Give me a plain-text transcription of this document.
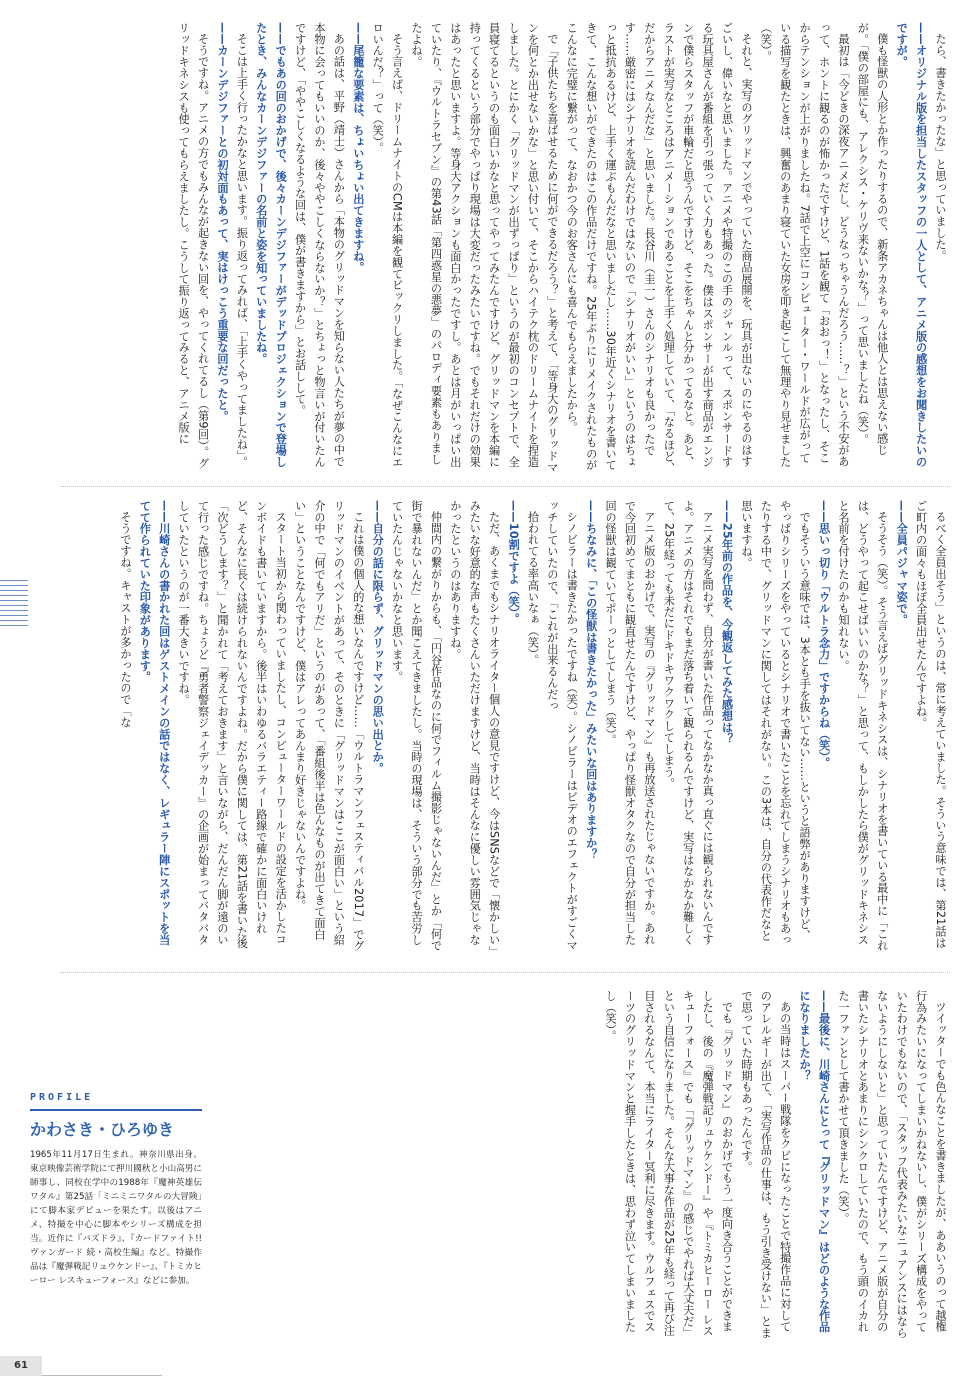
たら、書きたかったな」と思っていました。

—— オリジナル版を担当したスタッフの一人として、アニメ版の感想をお聞きしたいのですが。

僕も怪獣の人形とか作ったりするので、新条アカネちゃんは他人とは思えない感じが。「僕の部屋にも、アレクシス・ケリヴ来ないかな？」って思いましたね（笑）。

最初は「今どきの深夜アニメだし、どうなっちゃうんだろう……？」という不安があって、ホントに観るのが怖かったですけど、1話を観て「おおっ！」となったし、そこからテンションが上がりましたね。7話で上空にコンピューター・ワールドが広がっている描写を観たときは、興奮のあまり寝ていた女房を叩き起こして無理やり見せました（笑）。

それと、実写のグリッドマンでやっていた商品展開を、玩具が出ないのにやるのはすごいし、偉いなと思いました。アニメや特撮のこの手のジャンルって、スポンサードする玩具屋さんが番組を引っ張っていく力もあった。僕はスポンサーが出す商品がエンジンで僕らスタッフが車輪だと思うんですけど、そこをちゃんと分かってるなと。あと、ラストが実写なところはアニメーションであることを上手く処理していて、「なるほど、だからアニメなんだな」と思いました。長谷川（圭一）さんのシナリオも良かったです……厳密にはシナリオを読んだわけではないので「シナリオがいい」というのはちょっと抵抗あるけど、上手く運ぶもんだなと思いましたし……30年近くシナリオを書いてきて、こんな想いができたのはこの作品だけですね。25年ぶりにリメイクされたものがこんなに完璧に繋がって、なおかつ今のお客さんにも喜んでもらえましたから。

で「子供たちを喜ばせるために何ができるだろう？」と考えて、「等身大のグリッドマンを何とか出せないかな」と思い付いて、そこからハイテク枕のドリームナイトを捏造しました。とにかく「グリッドマンが出ずっぱり」というのが最初のコンセプトで、全員寝てるというのも面白いかなと思ってやってみたんですけど、グリッドマンを本編に持ってくるという部分でやっぱり現場は大変だったみたいですね。でもそれだけの効果はあったと思いますよ。等身大アクションも面白かったですし。あとは月がいっぱい出ていたり、『ウルトラセブン』の第43話「第四惑星の悪夢」のパロディ要素もありましたよね。

そう言えば、ドリームナイトのCMは本編を観てビックリしました。「なぜこんなにエロいんだ？」って（笑）。

—— 尾籠な要素は、ちょいちょい出てきますね。

あの話は、平野（靖士）さんから「本物のグリッドマンを知らない人たちが夢の中で本物に会ってもいいのか、後々ややこしくならないか？」とちょっと物言いが付いたんですけど、「ややこしくなるような回は、僕が書きますから」とお話しして。

—— でもあの回のおかげで、後々カーンデジファーがデッドプロジェクションで登場したとき、みんなカーンデジファーの名前と姿を知っていましたね。

そこは上手く行ったかなと思います。振り返ってみれば、「上手くやってましたね」。

—— カーンデジファーとの初対面もあって、実はけっこう重要な回だったと。

そうですね。アニメの方でもみんなが起きない回を、やってくれてるし（第9回）。グリッドキネシスも使ってもらえましたし。こうして振り返ってみると、アニメ版に

るべく全員出そう」というのは、常に考えていました。そういう意味では、第21話はご町内の面々もほぼ全員出せたんですよね。

—— 全員パジャマ姿で。

そうそう（笑）。そう言えばグリッドキネシスは、シナリオを書いている最中に「これは、どうやって起こせばいいのかな？」と思って、もしかしたら僕がグリッドキネシスと名前を付けたのかも知れない。

—— 思いっ切り「ウルトラ念力」ですからね（笑）。

でもそういう意味では、3本とも手を抜いてない……というと語弊がありますけど、やっぱりシリーズをやっているとシナリオで書いたことを忘れてしまうシナリオもあったりする中で、グリッドマンに関してはそれがない。この3本は、自分の代表作だなと思いますね。

—— 25年前の作品を、今観返してみた感想は？

アニメ実写を問わず、自分が書いた作品ってなかなか真っ直ぐには観られないんですよ。アニメの方はそれでもまだ落ち着いて観られるんですけど、実写はなかなか難しくて、25年経っても未だにドキドキワクワクしてしまう。

アニメ版のおかげで、実写の『グリッドマン』も再放送されたじゃないですか。あれで今回初めてまともに観直せたんですけど、やっぱり怪獣オタクなので自分が担当した回の怪獣は観ていてポーっとしてしまう（笑）。

—— ちなみに、「この怪獣は書きたかった」みたいな回はありますか？

シノビラーは書きたかったですね（笑）。シノビラーはビデオのエフェクトがすごくマッチしていたので、「これが出来るんだっ

拾われてる率高いなぁ（笑）。

—— 10割ですよ（笑）。

ただ、あくまでもシナリオライター個人の意見ですけど、今はSNSなどで「懐かしい」みたいな好意的な声もたくさんいただけますけど、当時はそんなに優しい雰囲気じゃなかったというのはありますね。

仲間内の繋がりからも、「円谷作品なのに何でフィルム撮影じゃないんだ」とか「何で街で暴れないんだ」とか聞こえてきましたし。当時の現場は、そういう部分でも苦労していたんじゃないかなと思います。

—— 自分の話に限らず、グリッドマンの思い出とか。

これは僕の個人的な想いなんですけど……「ウルトラマンフェスティバル2017」でグリッドマンのイベントがあって、そのときに「グリッドマンはここが面白い」という紹介の中で「何でもアリだ」というのがあって、「番組後半は色んなものが出てきて面白い」ということなんですけど、僕はアレってあんまり好きじゃないんですよね。

スタート当初から関わっていましたし、コンピューターワールドの設定を活かしたコンボイドも書いていますから。後半はいわゆるバラエティー路線で確かに面白いけれど、そんなに長くは続けられないんですよね。だから僕に関しては、第21話を書いた後「次どうします？」と聞かれて「考えておきます」と言いながら、だんだん脚が遠のいて行った感じですね。ちょうど『勇者警察ジェイデッカー』の企画が始まってバタバタしていたというのが一番大きいですね。

—— 川崎さんの書かれた回はゲストメインの話ではなく、レギュラー陣にスポットを当てて作られていた印象があります。

そうですね。キャストが多かったので「な

ツイッターでも色んなことを書きましたが、ああいうのって越権行為みたいになってしまいかねないし、僕がシリーズ構成をやっていたわけでもないので、「スタッフ代表みたいなニュアンスにはならないようにしないと」と思っていたんですけど、アニメ版が自分の書いたシナリオとあまりにシンクロしていたので、もう頭のイカれた一ファンとして書かせて頂きました（笑）。

—— 最後に、川崎さんにとって『グリッドマン』はどのような作品になりましたか？

あの当時はスーパー戦隊をクビになったことで特撮作品に対してのアレルギーが出て、「実写作品の仕事は、もう引き受けない」とまで思っていた時期もあったんです。

でも『グリッドマン』のおかげでもう一度向き合うことができましたし、後の『魔弾戦記リュウケンドー』や『トミカヒーロー レスキューフォース』でも「『グリッドマン』の感じでやれば大丈夫だ」という自信になりました。そんな大事な作品が25年も経って再び注目されるなんて、本当にライター冥利に尽きます。ウルフェスでスーツのグリッドマンと握手したときは、思わず泣いてしまいましたし（笑）。

PROFILE
かわさき・ひろゆき
1965年11月17日生まれ。神奈川県出身。東京映像芸術学院にて押川國秋と小山高男に師事し、同校在学中の1988年『魔神英雄伝ワタル』第25話「ミニミニワタルの大冒険」にて脚本家デビューを果たす。以後はアニメ、特撮を中心に脚本やシリーズ構成を担当。近作に『バズドラ』、『カードファイト!! ヴァンガード 続・高校生編』など。特撮作品は『魔弾戦記リュウケンドー』、『トミカヒーロー レスキューフォース』などに参加。
61
